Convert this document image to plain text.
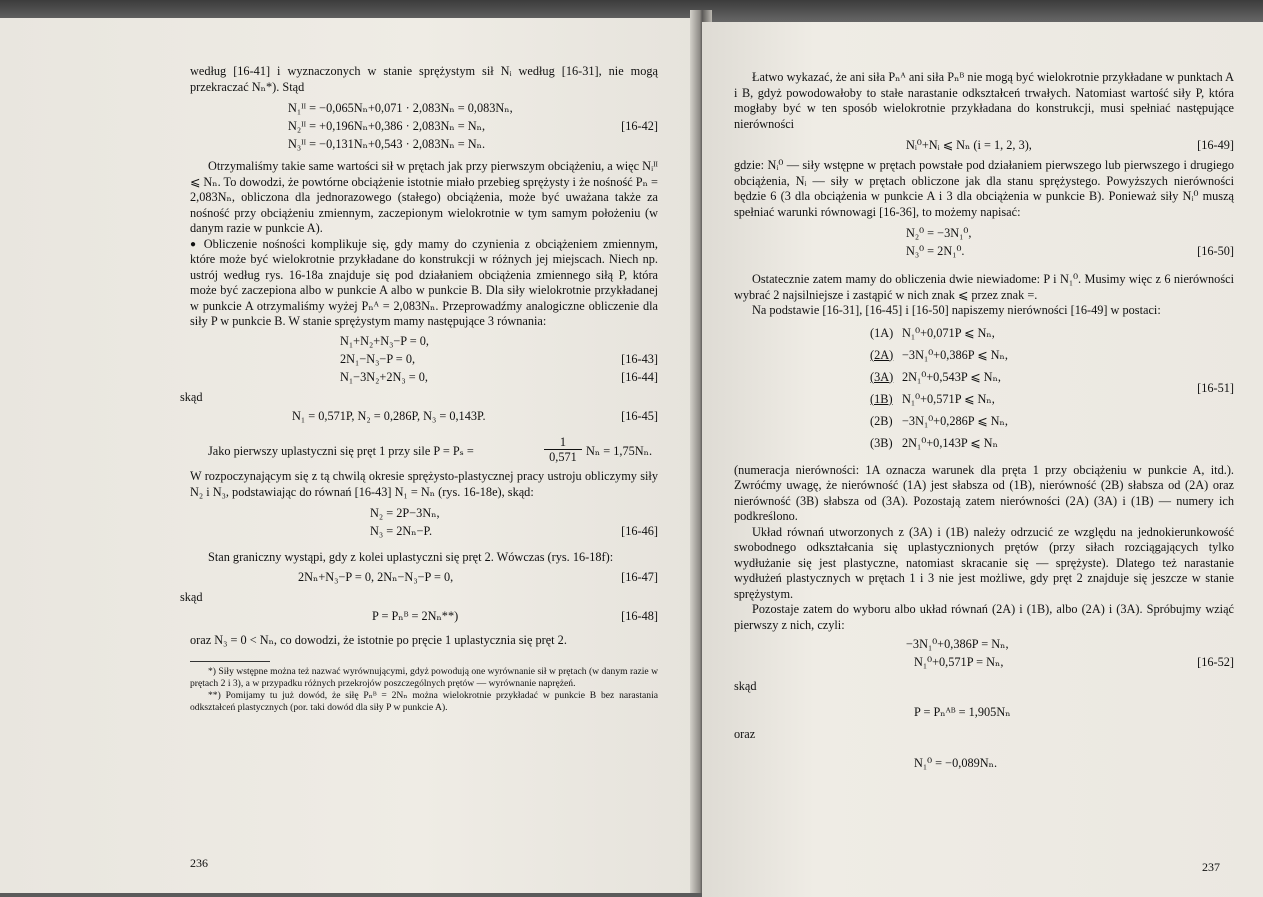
według [16-41] i wyznaczonych w stanie sprężystym sił Nᵢ według [16-31], nie mogą przekraczać Nₙ*). Stąd

N₁ᴵᴵ = −0,065Nₙ+0,071 · 2,083Nₙ = 0,083Nₙ,
N₂ᴵᴵ = +0,196Nₙ+0,386 · 2,083Nₙ = Nₙ,	[16-42]
N₃ᴵᴵ = −0,131Nₙ+0,543 · 2,083Nₙ = Nₙ.

Otrzymaliśmy takie same wartości sił w prętach jak przy pierwszym obciążeniu, a więc Nᵢᴵᴵ ⩽ Nₙ. To dowodzi, że powtórne obciążenie istotnie miało przebieg sprężysty i że nośność Pₙ = 2,083Nₙ, obliczona dla jednorazowego (stałego) obciążenia, może być uważana także za nośność przy obciążeniu zmiennym, zaczepionym wielokrotnie w tym samym położeniu (w danym razie w punkcie A).

● Obliczenie nośności komplikuje się, gdy mamy do czynienia z obciążeniem zmiennym, które może być wielokrotnie przykładane do konstrukcji w różnych jej miejscach. Niech np. ustrój według rys. 16-18a znajduje się pod działaniem obciążenia zmiennego siłą P, która może być zaczepiona albo w punkcie A albo w punkcie B. Dla siły wielokrotnie przykładanej w punkcie A otrzymaliśmy wyżej Pₙᴬ = 2,083Nₙ. Przeprowadźmy analogiczne obliczenie dla siły P w punkcie B. W stanie sprężystym mamy następujące 3 równania:

N₁+N₂+N₃−P = 0,
2N₁−N₃−P = 0,	[16-43]
N₁−3N₂+2N₃ = 0,	[16-44]
skąd
N₁ = 0,571P, N₂ = 0,286P, N₃ = 0,143P.	[16-45]
Jako pierwszy uplastyczni się pręt 1 przy sile P = Pₛ =
1
0,571 Nₙ = 1,75Nₙ.

W rozpoczynającym się z tą chwilą okresie sprężysto-plastycznej pracy ustroju obliczymy siły N₂ i N₃, podstawiając do równań [16-43] N₁ = Nₙ (rys. 16-18e), skąd:

N₂ = 2P−3Nₙ,
N₃ = 2Nₙ−P.	[16-46]

Stan graniczny wystąpi, gdy z kolei uplastyczni się pręt 2. Wówczas (rys. 16-18f):

2Nₙ+N₃−P = 0, 2Nₙ−N₃−P = 0,	[16-47]
skąd
P = Pₙᴮ = 2Nₙ**)	[16-48]

oraz N₃ = 0 < Nₙ, co dowodzi, że istotnie po pręcie 1 uplastycznia się pręt 2.

*) Siły wstępne można też nazwać wyrównującymi, gdyż powodują one wyrównanie sił w prętach (w danym razie w prętach 2 i 3), a w przypadku różnych przekrojów poszczególnych prętów — wyrównanie naprężeń.

**) Pomijamy tu już dowód, że siłę Pₙᴮ = 2Nₙ można wielokrotnie przykładać w punkcie B bez narastania odkształceń plastycznych (por. taki dowód dla siły P w punkcie A).

236

Łatwo wykazać, że ani siła Pₙᴬ ani siła Pₙᴮ nie mogą być wielokrotnie przykładane w punktach A i B, gdyż powodowałoby to stałe narastanie odkształceń trwałych. Natomiast wartość siły P, która mogłaby być w ten sposób wielokrotnie przykładana do konstrukcji, musi spełniać następujące nierówności

Nᵢ⁰+Nᵢ ⩽ Nₙ (i = 1, 2, 3),	[16-49]

gdzie: Nᵢ⁰ — siły wstępne w prętach powstałe pod działaniem pierwszego lub pierwszego i drugiego obciążenia, Nᵢ — siły w prętach obliczone jak dla stanu sprężystego. Powyższych nierówności będzie 6 (3 dla obciążenia w punkcie A i 3 dla obciążenia w punkcie B). Ponieważ siły Nᵢ⁰ muszą spełniać warunki równowagi [16-36], to możemy napisać:

N₂⁰ = −3N₁⁰,
N₃⁰ = 2N₁⁰.	[16-50]

Ostatecznie zatem mamy do obliczenia dwie niewiadome: P i N₁⁰. Musimy więc z 6 nierówności wybrać 2 najsilniejsze i zastąpić w nich znak ⩽ przez znak =.

Na podstawie [16-31], [16-45] i [16-50] napiszemy nierówności [16-49] w postaci:

(1A) N₁⁰+0,071P ⩽ Nₙ,
(2A) −3N₁⁰+0,386P ⩽ Nₙ,
(3A) 2N₁⁰+0,543P ⩽ Nₙ,
(1B) N₁⁰+0,571P ⩽ Nₙ,
(2B) −3N₁⁰+0,286P ⩽ Nₙ,
(3B) 2N₁⁰+0,143P ⩽ Nₙ
[16-51]

(numeracja nierówności: 1A oznacza warunek dla pręta 1 przy obciążeniu w punkcie A, itd.). Zwróćmy uwagę, że nierówność (1A) jest słabsza od (1B), nierówność (2B) słabsza od (2A) oraz nierówność (3B) słabsza od (3A). Pozostają zatem nierówności (2A) (3A) i (1B) — numery ich podkreślono.

Układ równań utworzonych z (3A) i (1B) należy odrzucić ze względu na jednokierunkowość swobodnego odkształcania się uplastycznionych prętów (przy siłach rozciągających tylko wydłużanie się jest plastyczne, natomiast skracanie się — sprężyste). Dlatego też narastanie wydłużeń plastycznych w prętach 1 i 3 nie jest możliwe, gdy pręt 2 znajduje się jeszcze w stanie sprężystym.

Pozostaje zatem do wyboru albo układ równań (2A) i (1B), albo (2A) i (3A). Spróbujmy wziąć pierwszy z nich, czyli:

−3N₁⁰+0,386P = Nₙ,
N₁⁰+0,571P = Nₙ,	[16-52]
skąd
P = Pₙᴬᴮ = 1,905Nₙ
oraz
N₁⁰ = −0,089Nₙ.
237
